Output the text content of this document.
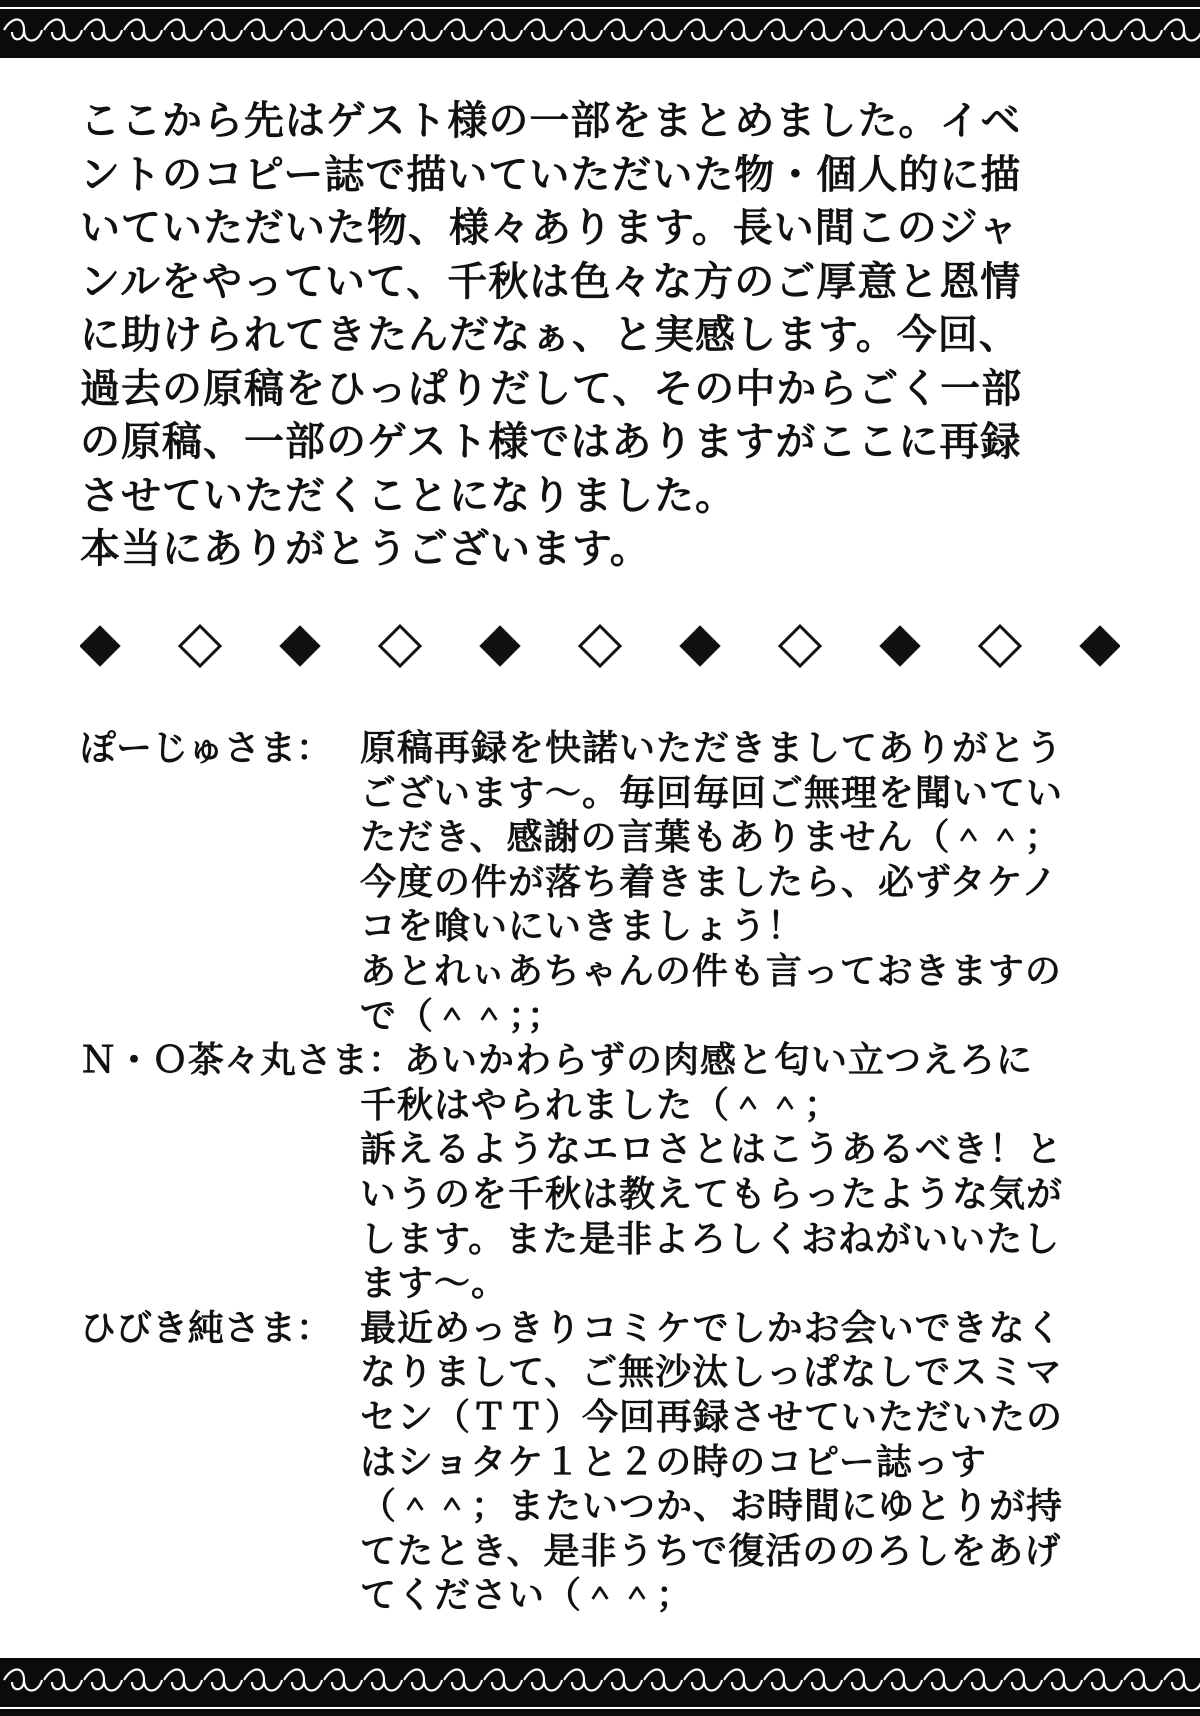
ここから先はゲスト様の一部をまとめました。イベ

ントのコピー誌で描いていただいた物・個人的に描

いていただいた物、様々あります。長い間このジャ

ンルをやっていて、千秋は色々な方のご厚意と恩情

に助けられてきたんだなぁ、と実感します。今回、

過去の原稿をひっぱりだして、その中からごく一部

の原稿、一部のゲスト様ではありますがここに再録

させていただくことになりました。

本当にありがとうございます。

ぽーじゅさま： 原稿再録を快諾いただきましてありがとう

ございます～。毎回毎回ご無理を聞いてい

ただき、感謝の言葉もありません（＾＾；

今度の件が落ち着きましたら、必ずタケノ

コを喰いにいきましょう！

あとれぃあちゃんの件も言っておきますの

で（＾＾；；

Ｎ・Ｏ茶々丸さま： あいかわらずの肉感と匂い立つえろに

千秋はやられました（＾＾；

訴えるようなエロさとはこうあるべき！と

いうのを千秋は教えてもらったような気が

します。また是非よろしくおねがいいたし

ます～。

ひびき純さま： 最近めっきりコミケでしかお会いできなく

なりまして、ご無沙汰しっぱなしでスミマ

セン（ＴＴ）今回再録させていただいたの

はショタケ１と２の時のコピー誌っす

（＾＾；またいつか、お時間にゆとりが持

てたとき、是非うちで復活ののろしをあげ

てください（＾＾；
